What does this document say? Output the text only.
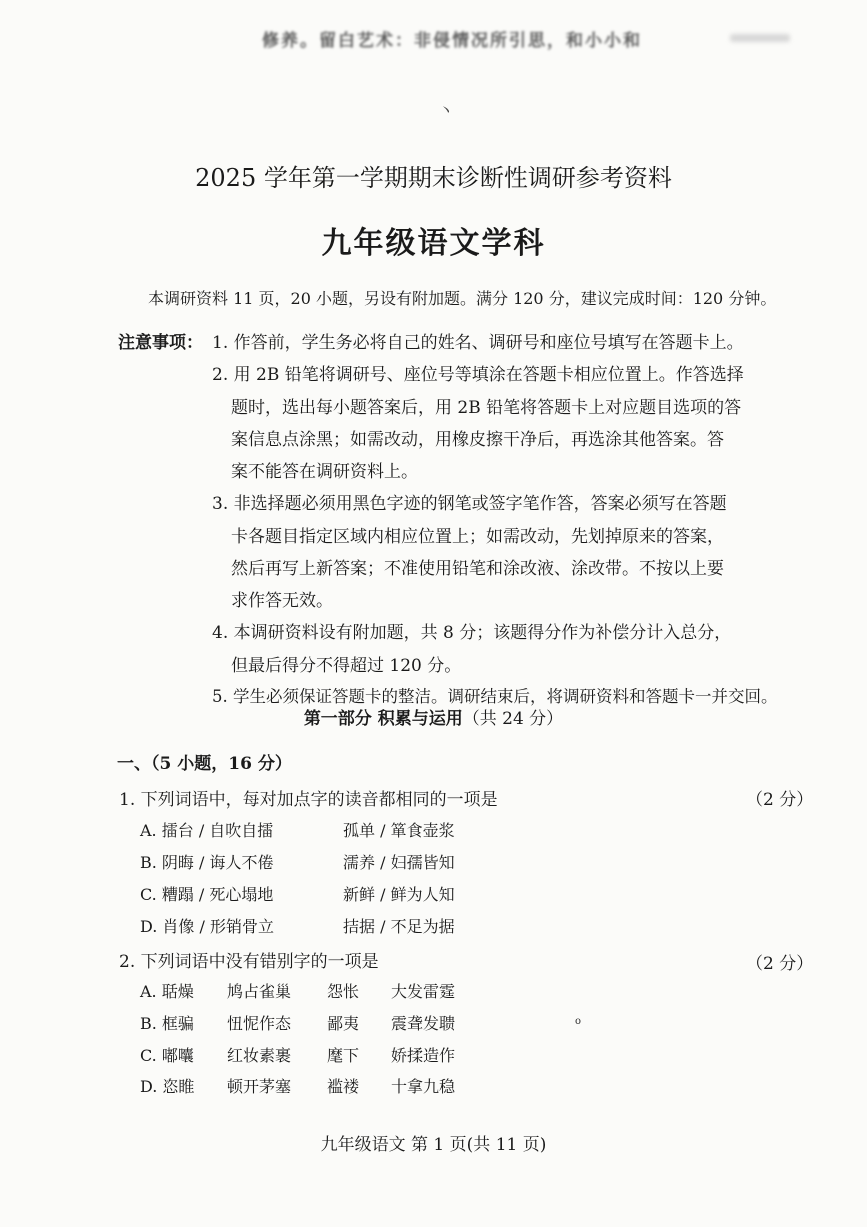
修养。留白艺术：非侵情况所引思，和小小和
丶
2025 学年第一学期期末诊断性调研参考资料
九年级语文学科
本调研资料 11 页，20 小题，另设有附加题。满分 120 分，建议完成时间：120 分钟。
注意事项： 1. 作答前，学生务必将自己的姓名、调研号和座位号填写在答题卡上。
2. 用 2B 铅笔将调研号、座位号等填涂在答题卡相应位置上。作答选择
题时，选出每小题答案后，用 2B 铅笔将答题卡上对应题目选项的答
案信息点涂黑；如需改动，用橡皮擦干净后，再选涂其他答案。答
案不能答在调研资料上。
3. 非选择题必须用黑色字迹的钢笔或签字笔作答，答案必须写在答题
卡各题目指定区域内相应位置上；如需改动，先划掉原来的答案，
然后再写上新答案；不准使用铅笔和涂改液、涂改带。不按以上要
求作答无效。
4. 本调研资料设有附加题，共 8 分；该题得分作为补偿分计入总分，
但最后得分不得超过 120 分。
5. 学生必须保证答题卡的整洁。调研结束后，将调研资料和答题卡一并交回。
第一部分 积累与运用（共 24 分）
一、（5 小题，16 分）
1. 下列词语中，每对加点字的读音都相同的一项是	（2 分）
A. 擂台 / 自吹自擂	孤单 / 箪食壶浆
B. 阴晦 / 诲人不倦	濡养 / 妇孺皆知
C. 糟蹋 / 死心塌地	新鲜 / 鲜为人知
D. 肖像 / 形销骨立	拮据 / 不足为据
2. 下列词语中没有错别字的一项是	（2 分）
A. 聒燥 鸠占雀巢 怨怅 大发雷霆
B. 框骗 忸怩作态 鄙夷 震聋发聩
C. 嘟囔 红妆素裹 麾下 娇揉造作
D. 恣睢 顿开茅塞 褴褛 十拿九稳
o
九年级语文 第 1 页(共 11 页)
